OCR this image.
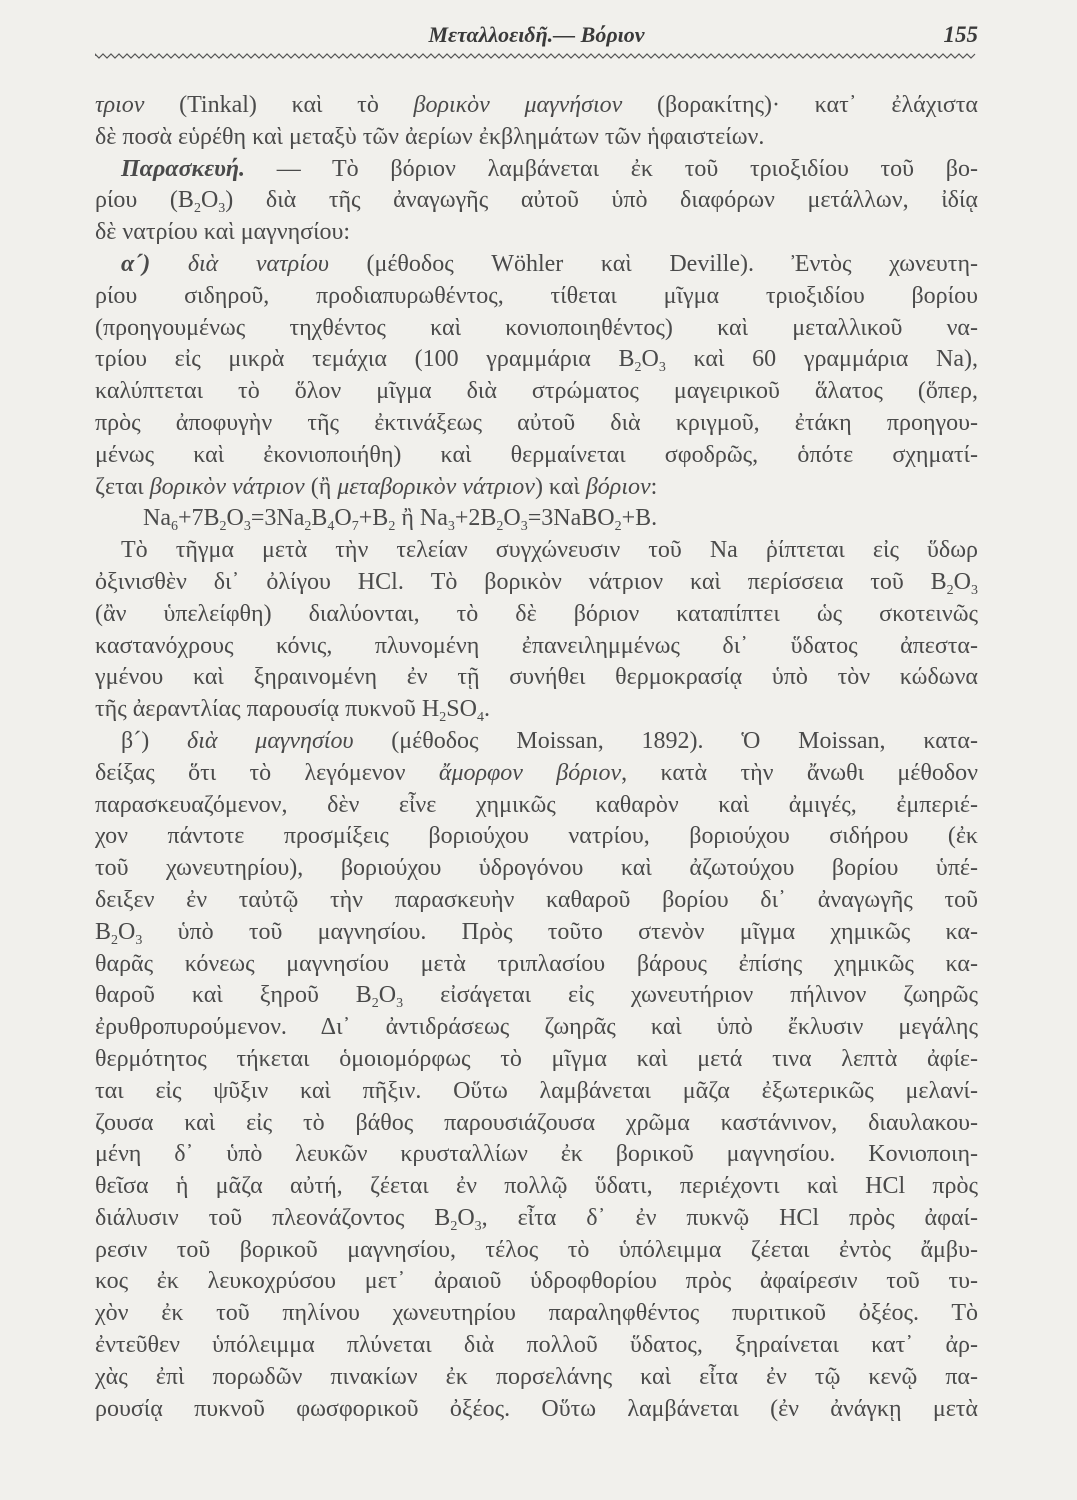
Μεταλλοειδῆ.— Βόριον	155
τριον (Tinkal) καὶ τὸ βορικὸν μαγνήσιον (βορακίτης)· κατ᾽ ἐλάχιστα
δὲ ποσὰ εὑρέθη καὶ μεταξὺ τῶν ἀερίων ἐκβλημάτων τῶν ἡφαιστείων.
Παρασκευή. — Τὸ βόριον λαμβάνεται ἐκ τοῦ τριοξιδίου τοῦ βο-
ρίου $(B_2O_3)$ διὰ τῆς ἀναγωγῆς αὐτοῦ ὑπὸ διαφόρων μετάλλων, ἰδίᾳ
δὲ νατρίου καὶ μαγνησίου:
α´) διὰ νατρίου (μέθοδος Wöhler καὶ Deville). Ἐντὸς χωνευτη-
ρίου σιδηροῦ, προδιαπυρωθέντος, τίθεται μῖγμα τριοξιδίου βορίου
(προηγουμένως τηχθέντος καὶ κονιοποιηθέντος) καὶ μεταλλικοῦ να-
τρίου εἰς μικρὰ τεμάχια (100 γραμμάρια $B_2O_3$ καὶ 60 γραμμάρια Na),
καλύπτεται τὸ ὅλον μῖγμα διὰ στρώματος μαγειρικοῦ ἅλατος (ὅπερ,
πρὸς ἀποφυγὴν τῆς ἐκτινάξεως αὐτοῦ διὰ κριγμοῦ, ἐτάκη προηγου-
μένως καὶ ἐκονιοποιήθη) καὶ θερμαίνεται σφοδρῶς, ὁπότε σχηματί-
ζεται βορικὸν νάτριον (ἢ μεταβορικὸν νάτριον) καὶ βόριον:
$Na_6+7B_2O_3=3Na_2B_4O_7+B_2$ ἢ $Na_3+2B_2O_3=3NaBO_2+B$.
Τὸ τῆγμα μετὰ τὴν τελείαν συγχώνευσιν τοῦ Na ῥίπτεται εἰς ὕδωρ
ὀξινισθὲν δι᾽ ὀλίγου HCl. Τὸ βορικὸν νάτριον καὶ περίσσεια τοῦ $B_2O_3$
(ἂν ὑπελείφθη) διαλύονται, τὸ δὲ βόριον καταπίπτει ὡς σκοτεινῶς
καστανόχρους κόνις, πλυνομένη ἐπανειλημμένως δι᾽ ὕδατος ἀπεστα-
γμένου καὶ ξηραινομένη ἐν τῇ συνήθει θερμοκρασίᾳ ὑπὸ τὸν κώδωνα
τῆς ἀεραντλίας παρουσίᾳ πυκνοῦ $H_2SO_4$.
β´) διὰ μαγνησίου (μέθοδος Moissan, 1892). Ὁ Moissan, κατα-
δείξας ὅτι τὸ λεγόμενον ἄμορφον βόριον, κατὰ τὴν ἄνωθι μέθοδον
παρασκευαζόμενον, δὲν εἶνε χημικῶς καθαρὸν καὶ ἀμιγές, ἐμπεριέ-
χον πάντοτε προσμίξεις βοριούχου νατρίου, βοριούχου σιδήρου (ἐκ
τοῦ χωνευτηρίου), βοριούχου ὑδρογόνου καὶ ἀζωτούχου βορίου ὑπέ-
δειξεν ἐν ταὐτῷ τὴν παρασκευὴν καθαροῦ βορίου δι᾽ ἀναγωγῆς τοῦ
$B_2O_3$ ὑπὸ τοῦ μαγνησίου. Πρὸς τοῦτο στενὸν μῖγμα χημικῶς κα-
θαρᾶς κόνεως μαγνησίου μετὰ τριπλασίου βάρους ἐπίσης χημικῶς κα-
θαροῦ καὶ ξηροῦ $B_2O_3$ εἰσάγεται εἰς χωνευτήριον πήλινον ζωηρῶς
ἐρυθροπυρούμενον. Δι᾽ ἀντιδράσεως ζωηρᾶς καὶ ὑπὸ ἔκλυσιν μεγάλης
θερμότητος τήκεται ὁμοιομόρφως τὸ μῖγμα καὶ μετά τινα λεπτὰ ἀφίε-
ται εἰς ψῦξιν καὶ πῆξιν. Οὕτω λαμβάνεται μᾶζα ἐξωτερικῶς μελανί-
ζουσα καὶ εἰς τὸ βάθος παρουσιάζουσα χρῶμα καστάνινον, διαυλακου-
μένη δ᾽ ὑπὸ λευκῶν κρυσταλλίων ἐκ βορικοῦ μαγνησίου. Κονιοποιη-
θεῖσα ἡ μᾶζα αὐτή, ζέεται ἐν πολλῷ ὕδατι, περιέχοντι καὶ HCl πρὸς
διάλυσιν τοῦ πλεονάζοντος $B_2O_3$, εἶτα δ᾽ ἐν πυκνῷ HCl πρὸς ἀφαί-
ρεσιν τοῦ βορικοῦ μαγνησίου, τέλος τὸ ὑπόλειμμα ζέεται ἐντὸς ἄμβυ-
κος ἐκ λευκοχρύσου μετ᾽ ἀραιοῦ ὑδροφθορίου πρὸς ἀφαίρεσιν τοῦ τυ-
χὸν ἐκ τοῦ πηλίνου χωνευτηρίου παραληφθέντος πυριτικοῦ ὀξέος. Τὸ
ἐντεῦθεν ὑπόλειμμα πλύνεται διὰ πολλοῦ ὕδατος, ξηραίνεται κατ᾽ ἀρ-
χὰς ἐπὶ πορωδῶν πινακίων ἐκ πορσελάνης καὶ εἶτα ἐν τῷ κενῷ πα-
ρουσίᾳ πυκνοῦ φωσφορικοῦ ὀξέος. Οὕτω λαμβάνεται (ἐν ἀνάγκῃ μετὰ
